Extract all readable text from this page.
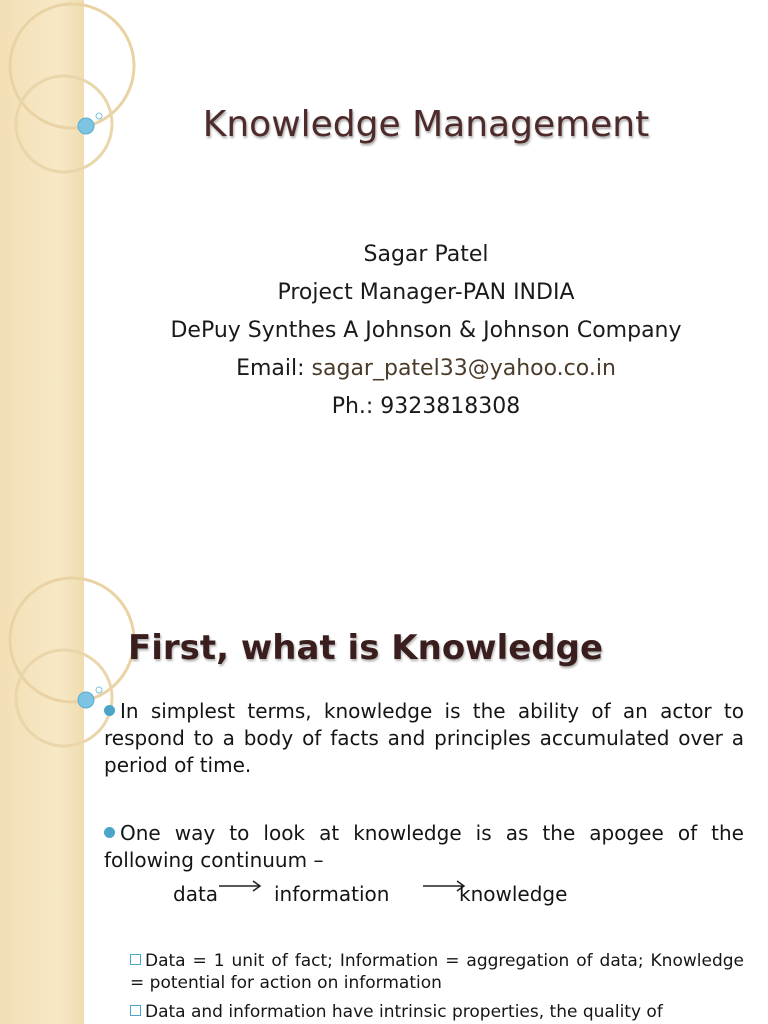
Knowledge Management
Sagar Patel
Project Manager-PAN INDIA
DePuy Synthes A Johnson & Johnson Company
Email: sagar_patel33@yahoo.co.in
Ph.: 9323818308
First, what is Knowledge
In simplest terms, knowledge is the ability of an actor to respond to a body of facts and principles accumulated over a period of time.
One way to look at knowledge is as the apogee of the following continuum –
data	information	knowledge
Data = 1 unit of fact; Information = aggregation of data; Knowledge = potential for action on information
Data and information have intrinsic properties, the quality of
